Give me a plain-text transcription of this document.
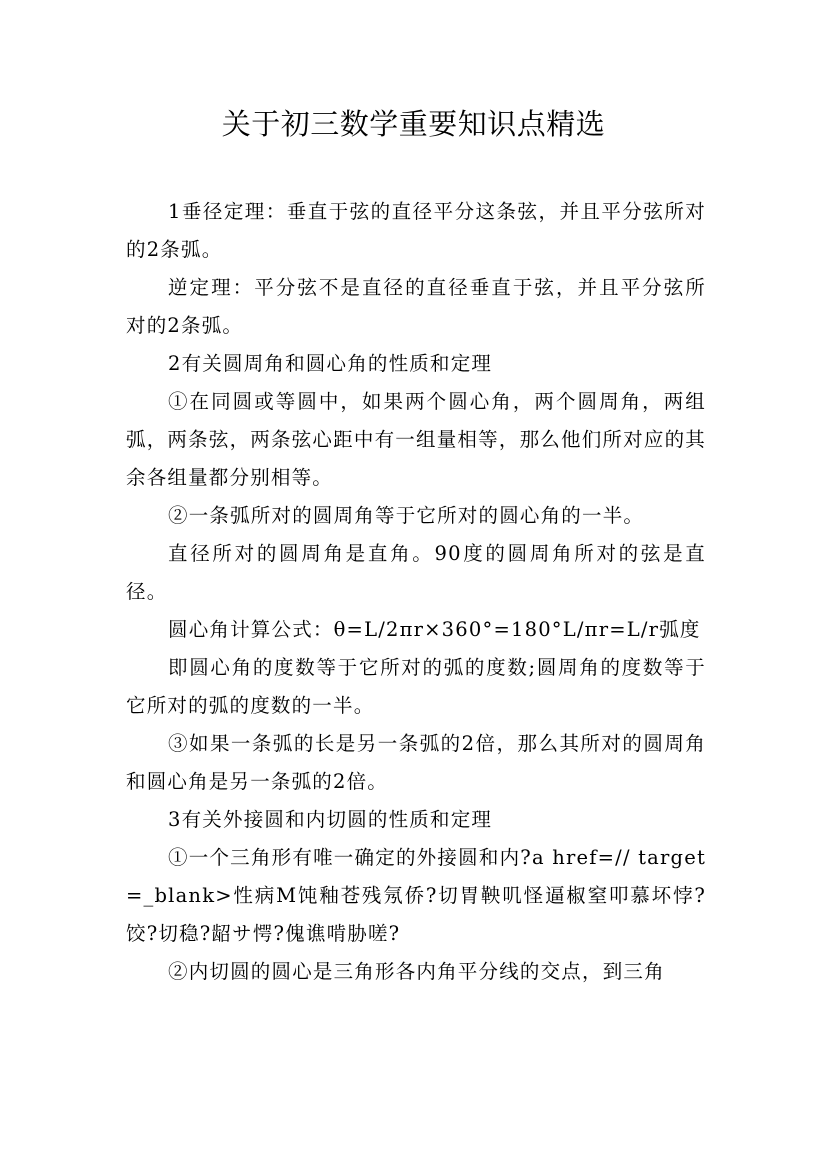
关于初三数学重要知识点精选

1垂径定理：垂直于弦的直径平分这条弦，并且平分弦所对的2条弧。

逆定理：平分弦不是直径的直径垂直于弦，并且平分弦所对的2条弧。

2有关圆周角和圆心角的性质和定理

①在同圆或等圆中，如果两个圆心角，两个圆周角，两组弧，两条弦，两条弦心距中有一组量相等，那么他们所对应的其余各组量都分别相等。

②一条弧所对的圆周角等于它所对的圆心角的一半。

直径所对的圆周角是直角。90度的圆周角所对的弦是直径。

圆心角计算公式：θ=L/2πr×360°=180°L/πr=L/r弧度

即圆心角的度数等于它所对的弧的度数;圆周角的度数等于它所对的弧的度数的一半。

③如果一条弧的长是另一条弧的2倍，那么其所对的圆周角和圆心角是另一条弧的2倍。

3有关外接圆和内切圆的性质和定理

①一个三角形有唯一确定的外接圆和内?a href=// target=_blank>性病M饨釉苍残氖侨?切胃鞅叽怪逼椒窒叩慕坏悖?饺?切稳?龆サ愕?傀谯啃胁嗟?

②内切圆的圆心是三角形各内角平分线的交点，到三角
